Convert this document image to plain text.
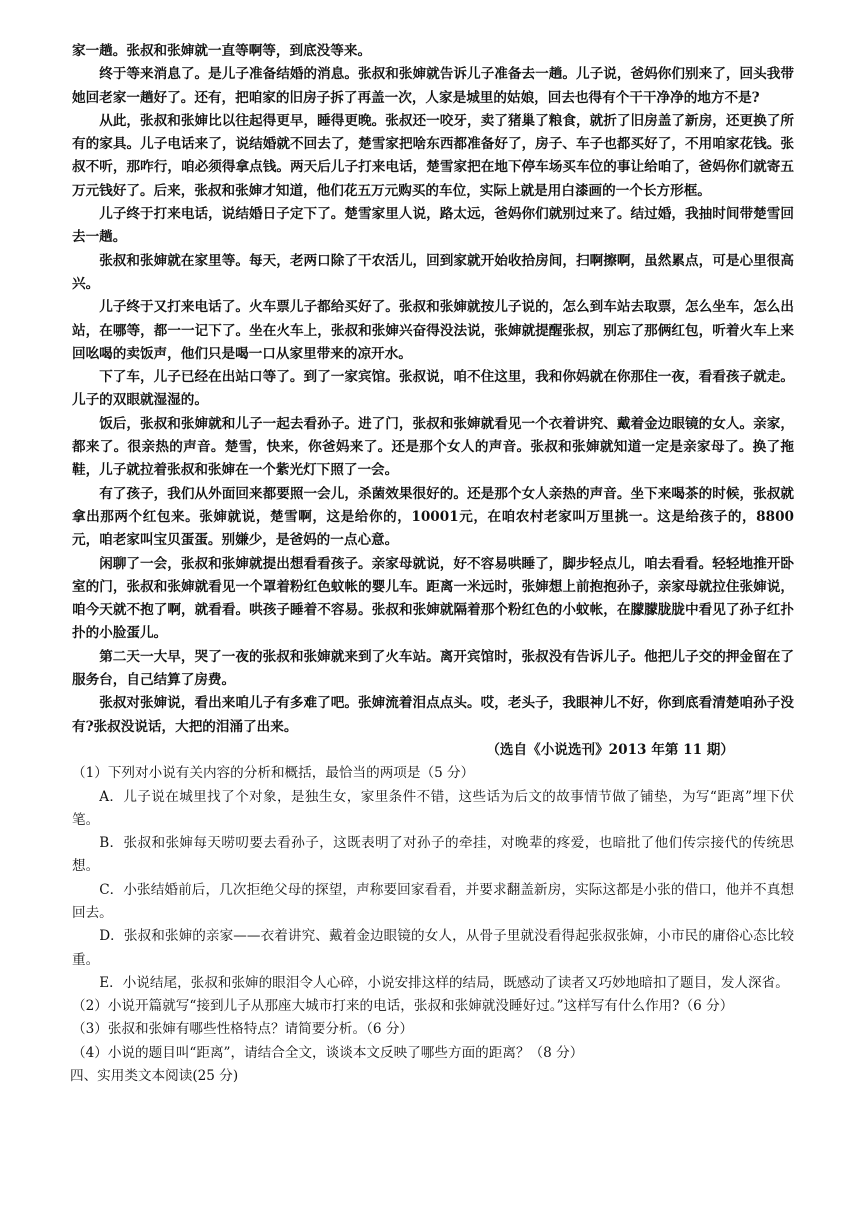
家一趟。张叔和张婶就一直等啊等，到底没等来。

终于等来消息了。是儿子准备结婚的消息。张叔和张婶就告诉儿子准备去一趟。儿子说，爸妈你们别来了，回头我带她回老家一趟好了。还有，把咱家的旧房子拆了再盖一次，人家是城里的姑娘，回去也得有个干干净净的地方不是?

从此，张叔和张婶比以往起得更早，睡得更晚。张叔还一咬牙，卖了猪巢了粮食，就折了旧房盖了新房，还更换了所有的家具。儿子电话来了，说结婚就不回去了，楚雪家把啥东西都准备好了，房子、车子也都买好了，不用咱家花钱。张叔不听，那咋行，咱必须得拿点钱。两天后儿子打来电话，楚雪家把在地下停车场买车位的事让给咱了，爸妈你们就寄五万元钱好了。后来，张叔和张婶才知道，他们花五万元购买的车位，实际上就是用白漆画的一个长方形框。

儿子终于打来电话，说结婚日子定下了。楚雪家里人说，路太远，爸妈你们就别过来了。结过婚，我抽时间带楚雪回去一趟。

张叔和张婶就在家里等。每天，老两口除了干农活儿，回到家就开始收拾房间，扫啊擦啊，虽然累点，可是心里很高兴。

儿子终于又打来电话了。火车票儿子都给买好了。张叔和张婶就按儿子说的，怎么到车站去取票，怎么坐车，怎么出站，在哪等，都一一记下了。坐在火车上，张叔和张婶兴奋得没法说，张婶就提醒张叔，别忘了那俩红包，听着火车上来回吆喝的卖饭声，他们只是喝一口从家里带来的凉开水。

下了车，儿子已经在出站口等了。到了一家宾馆。张叔说，咱不住这里，我和你妈就在你那住一夜，看看孩子就走。儿子的双眼就湿湿的。

饭后，张叔和张婶就和儿子一起去看孙子。进了门，张叔和张婶就看见一个衣着讲究、戴着金边眼镜的女人。亲家，都来了。很亲热的声音。楚雪，快来，你爸妈来了。还是那个女人的声音。张叔和张婶就知道一定是亲家母了。换了拖鞋，儿子就拉着张叔和张婶在一个紫光灯下照了一会。

有了孩子，我们从外面回来都要照一会儿，杀菌效果很好的。还是那个女人亲热的声音。坐下来喝茶的时候，张叔就拿出那两个红包来。张婶就说，楚雪啊，这是给你的，10001元，在咱农村老家叫万里挑一。这是给孩子的，8800元，咱老家叫宝贝蛋蛋。别嫌少，是爸妈的一点心意。

闲聊了一会，张叔和张婶就提出想看看孩子。亲家母就说，好不容易哄睡了，脚步轻点儿，咱去看看。轻轻地推开卧室的门，张叔和张婶就看见一个罩着粉红色蚊帐的婴儿车。距离一米远时，张婶想上前抱抱孙子，亲家母就拉住张婶说，咱今天就不抱了啊，就看看。哄孩子睡着不容易。张叔和张婶就隔着那个粉红色的小蚊帐，在朦朦胧胧中看见了孙子红扑扑的小脸蛋儿。

第二天一大早，哭了一夜的张叔和张婶就来到了火车站。离开宾馆时，张叔没有告诉儿子。他把儿子交的押金留在了服务台，自己结算了房费。

张叔对张婶说，看出来咱儿子有多难了吧。张婶流着泪点点头。哎，老头子，我眼神儿不好，你到底看清楚咱孙子没有?张叔没说话，大把的泪涌了出来。

（选自《小说选刊》2013 年第 11 期）

（1）下列对小说有关内容的分析和概括，最恰当的两项是（5 分）

A．儿子说在城里找了个对象，是独生女，家里条件不错，这些话为后文的故事情节做了铺垫，为写“距离”埋下伏笔。

B．张叔和张婶每天唠叨要去看孙子，这既表明了对孙子的牵挂，对晚辈的疼爱，也暗批了他们传宗接代的传统思想。

C．小张结婚前后，几次拒绝父母的探望，声称要回家看看，并要求翻盖新房，实际这都是小张的借口，他并不真想回去。

D．张叔和张婶的亲家——衣着讲究、戴着金边眼镜的女人，从骨子里就没看得起张叔张婶，小市民的庸俗心态比较重。

E．小说结尾，张叔和张婶的眼泪令人心碎，小说安排这样的结局，既感动了读者又巧妙地暗扣了题目，发人深省。

（2）小说开篇就写“接到儿子从那座大城市打来的电话，张叔和张婶就没睡好过。”这样写有什么作用?（6 分）

（3）张叔和张婶有哪些性格特点？请简要分析。（6 分）

（4）小说的题目叫“距离”，请结合全文，谈谈本文反映了哪些方面的距离？（8 分）

四、实用类文本阅读(25 分)
